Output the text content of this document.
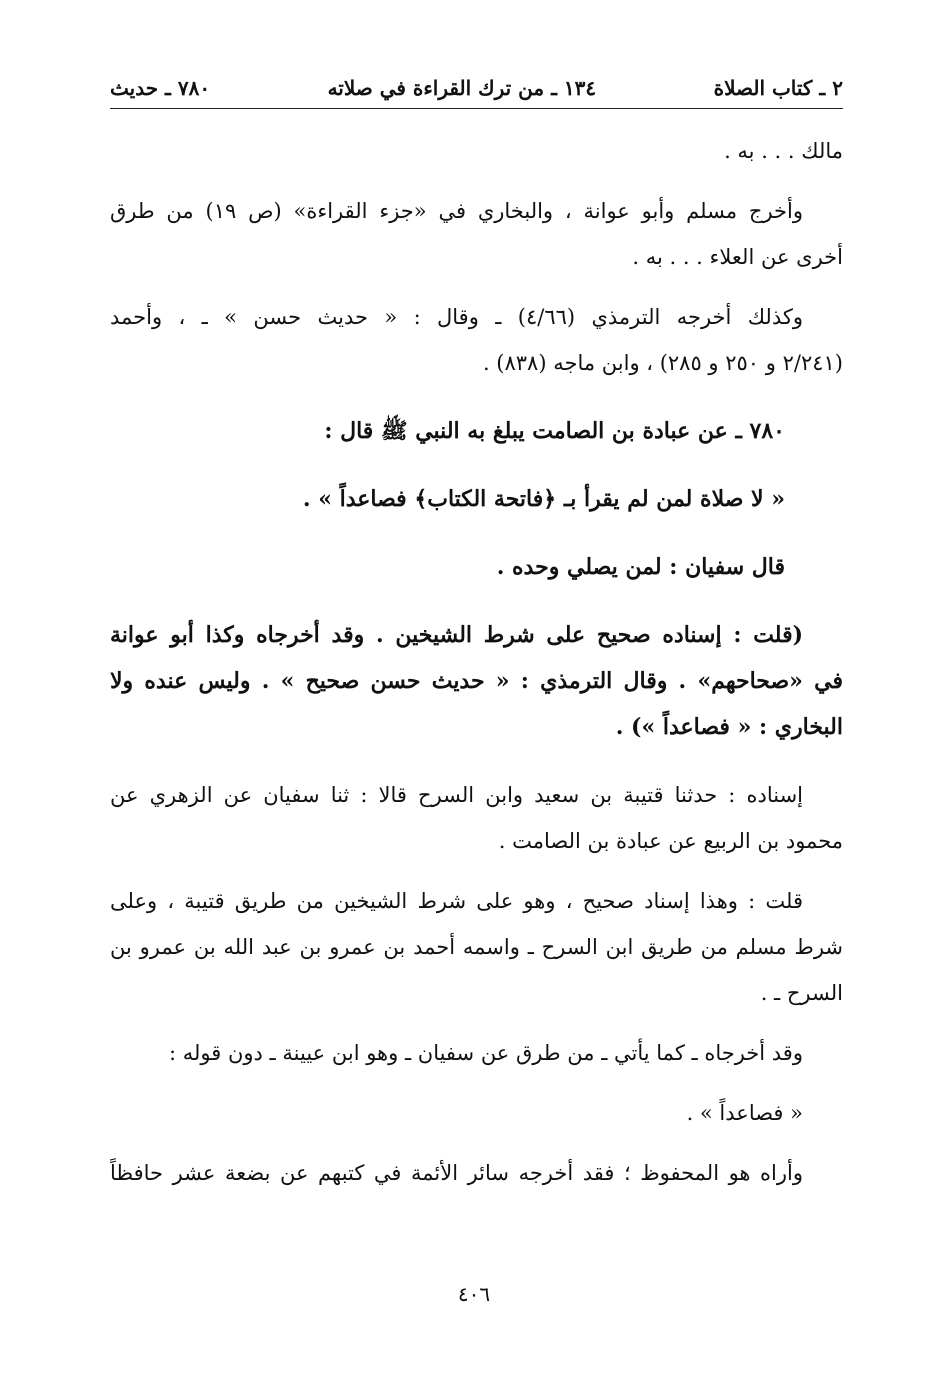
٢ ـ كتاب الصلاة
١٣٤ ـ من ترك القراءة في صلاته
٧٨٠ ـ حديث
مالك . . . به .
وأخرج مسلم وأبو عوانة ، والبخاري في «جزء القراءة» (ص ١٩) من طرق
أخرى عن العلاء . . . به .
وكذلك أخرجه الترمذي (٤/٦٦) ـ وقال : « حديث حسن » ـ ، وأحمد
(٢/٢٤١ و ٢٥٠ و ٢٨٥) ، وابن ماجه (٨٣٨) .
٧٨٠ ـ عن عبادة بن الصامت يبلغ به النبي ﷺ قال :
« لا صلاة لمن لم يقرأ بـ ﴿فاتحة الكتاب﴾ فصاعداً » .
قال سفيان : لمن يصلي وحده .
(قلت : إسناده صحيح على شرط الشيخين . وقد أخرجاه وكذا أبو عوانة
في «صحاحهم» . وقال الترمذي : « حديث حسن صحيح » . وليس عنده ولا
البخاري : « فصاعداً ») .
إسناده : حدثنا قتيبة بن سعيد وابن السرح قالا : ثنا سفيان عن الزهري عن
محمود بن الربيع عن عبادة بن الصامت .
قلت : وهذا إسناد صحيح ، وهو على شرط الشيخين من طريق قتيبة ، وعلى
شرط مسلم من طريق ابن السرح ـ واسمه أحمد بن عمرو بن عبد الله بن عمرو بن
السرح ـ .
وقد أخرجاه ـ كما يأتي ـ من طرق عن سفيان ـ وهو ابن عيينة ـ دون قوله :
« فصاعداً » .
وأراه هو المحفوظ ؛ فقد أخرجه سائر الأئمة في كتبهم عن بضعة عشر حافظاً
٤٠٦
